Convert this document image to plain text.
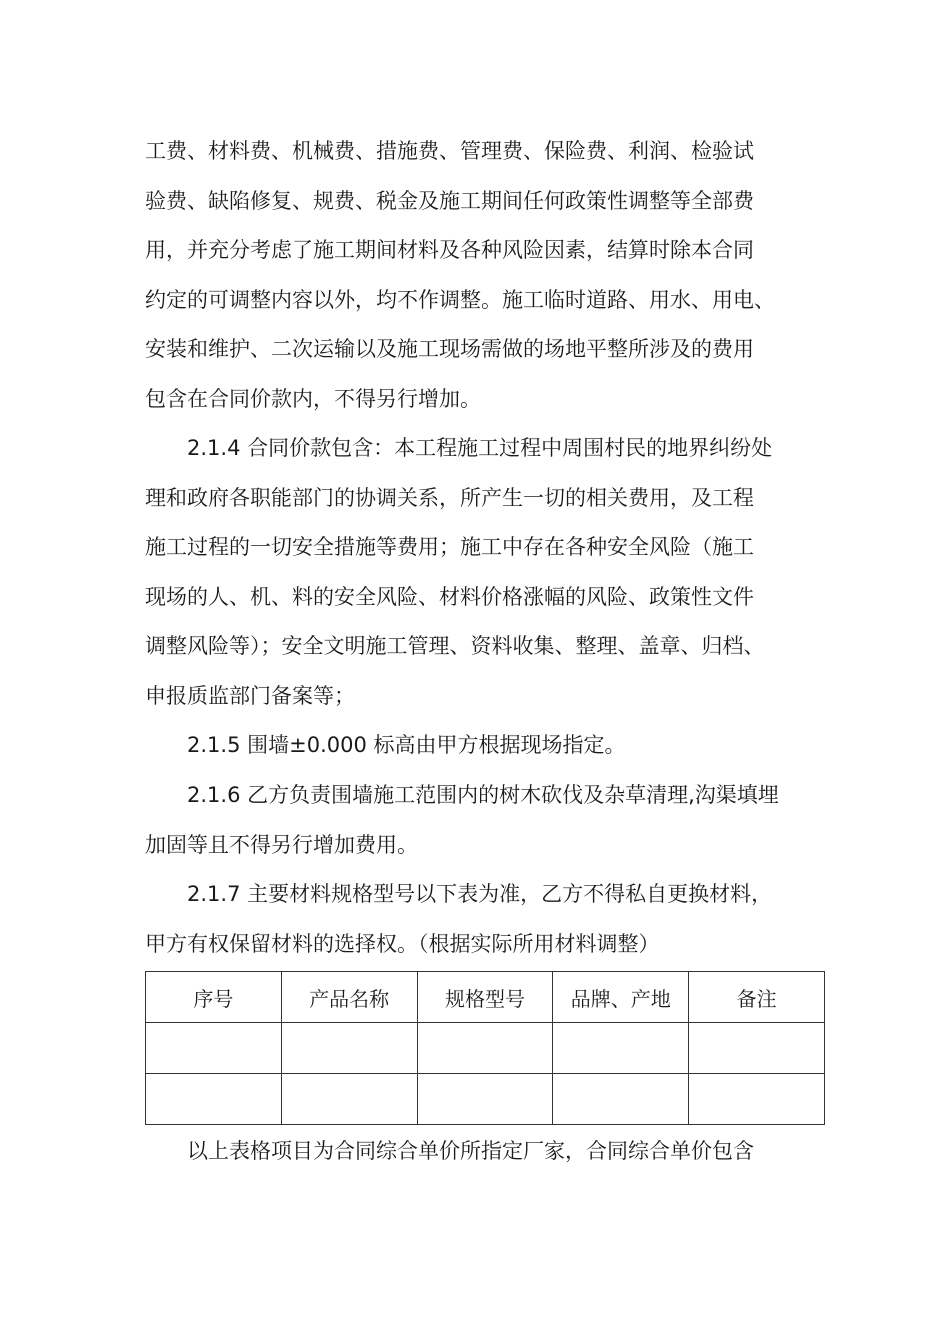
工费、材料费、机械费、措施费、管理费、保险费、利润、检验试
验费、缺陷修复、规费、税金及施工期间任何政策性调整等全部费
用，并充分考虑了施工期间材料及各种风险因素，结算时除本合同
约定的可调整内容以外，均不作调整。施工临时道路、用水、用电、
安装和维护、二次运输以及施工现场需做的场地平整所涉及的费用
包含在合同价款内，不得另行增加。

2.1.4 合同价款包含：本工程施工过程中周围村民的地界纠纷处
理和政府各职能部门的协调关系，所产生一切的相关费用，及工程
施工过程的一切安全措施等费用；施工中存在各种安全风险（施工
现场的人、机、料的安全风险、材料价格涨幅的风险、政策性文件
调整风险等）；安全文明施工管理、资料收集、整理、盖章、归档、
申报质监部门备案等；

2.1.5 围墙±0.000 标高由甲方根据现场指定。

2.1.6 乙方负责围墙施工范围内的树木砍伐及杂草清理,沟渠填埋
加固等且不得另行增加费用。

2.1.7 主要材料规格型号以下表为准，乙方不得私自更换材料，
甲方有权保留材料的选择权。（根据实际所用材料调整）

序号	产品名称	规格型号	品牌、产地	备注

以上表格项目为合同综合单价所指定厂家，合同综合单价包含
